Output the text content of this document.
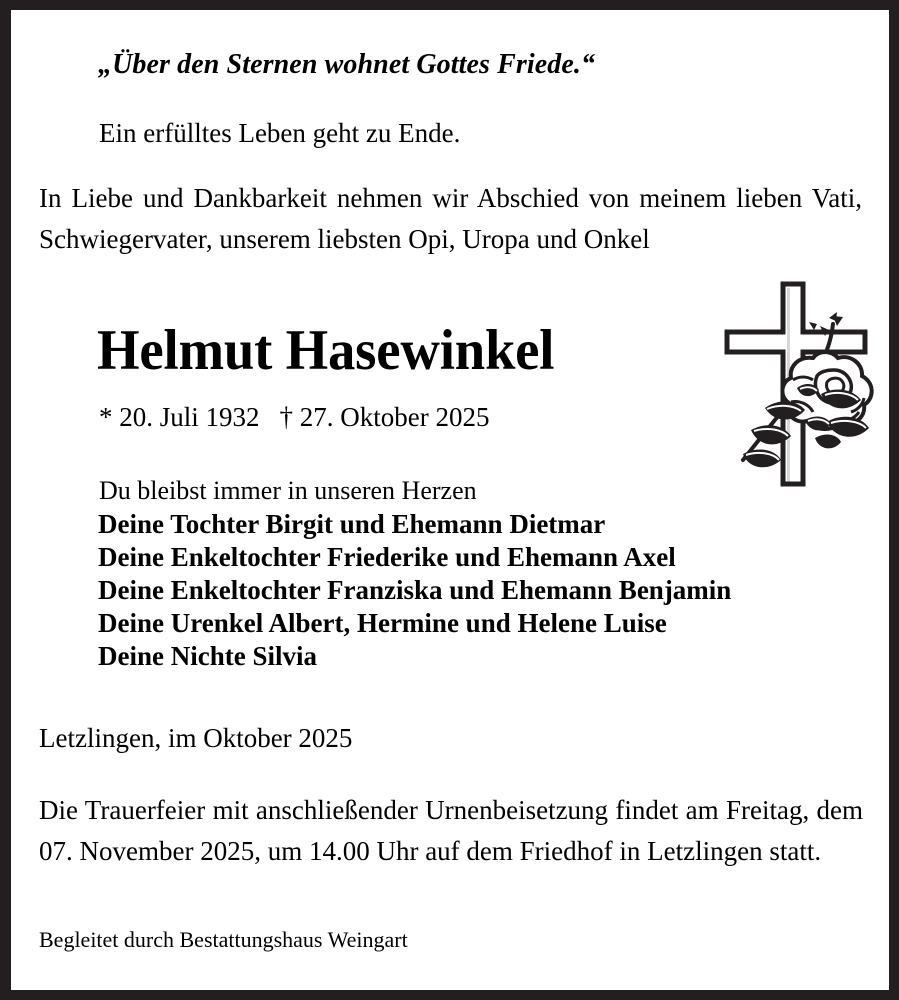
„Über den Sternen wohnet Gottes Friede.“
Ein erfülltes Leben geht zu Ende.
In Liebe und Dankbarkeit nehmen wir Abschied von meinem lieben Vati, Schwiegervater, unserem liebsten Opi, Uropa und Onkel
Helmut Hasewinkel
* 20. Juli 1932 † 27. Oktober 2025
Du bleibst immer in unseren Herzen
Deine Tochter Birgit und Ehemann Dietmar
Deine Enkeltochter Friederike und Ehemann Axel
Deine Enkeltochter Franziska und Ehemann Benjamin
Deine Urenkel Albert, Hermine und Helene Luise
Deine Nichte Silvia
Letzlingen, im Oktober 2025
Die Trauerfeier mit anschließender Urnenbeisetzung findet am Freitag, dem 07. November 2025, um 14.00 Uhr auf dem Friedhof in Letzlingen statt.
Begleitet durch Bestattungshaus Weingart
